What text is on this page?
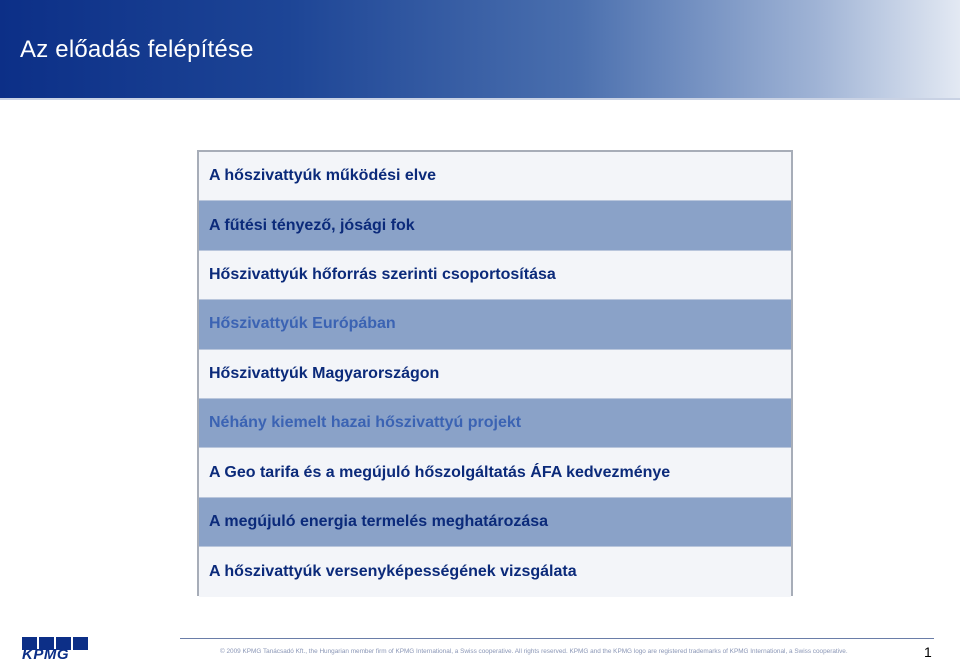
Az előadás felépítése
A hőszivattyúk működési elve
A fűtési tényező, jósági fok
Hőszivattyúk hőforrás szerinti csoportosítása
Hőszivattyúk Európában
Hőszivattyúk Magyarországon
Néhány kiemelt hazai hőszivattyú projekt
A Geo tarifa és a megújuló hőszolgáltatás ÁFA kedvezménye
A megújuló energia termelés meghatározása
A hőszivattyúk versenyképességének vizsgálata
KPMG	© 2009 KPMG Tanácsadó Kft., the Hungarian member firm of KPMG International, a Swiss cooperative. All rights reserved. KPMG and the KPMG logo are registered trademarks of KPMG International, a Swiss cooperative.	1
